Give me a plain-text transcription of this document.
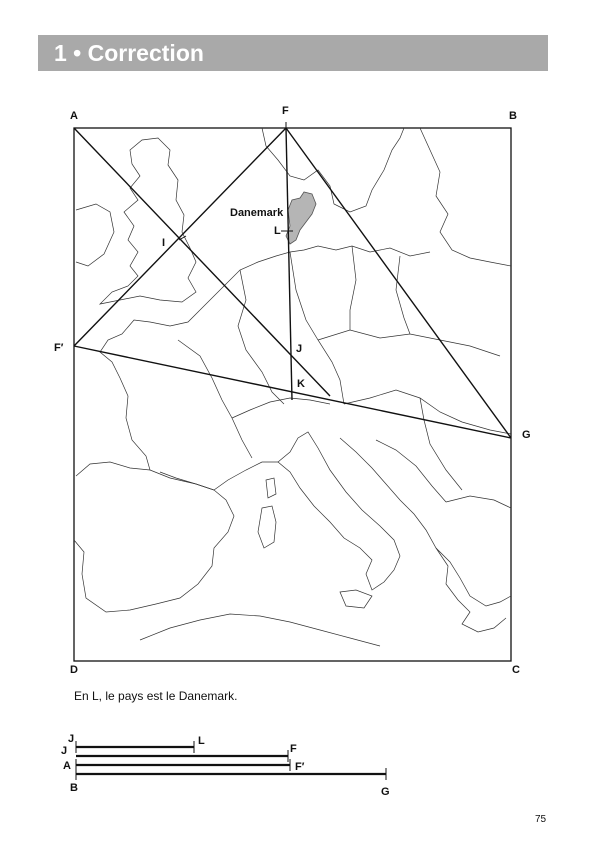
1 • Correction
A	B
C
D
F
F′
G
I
J
K
L
Danemark
J	L
J	F
A	F′
B	G
En L, le pays est le Danemark.
75
